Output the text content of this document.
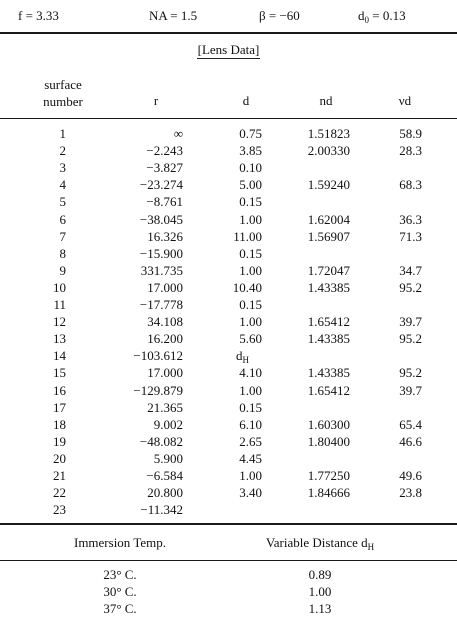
f = 3.33	NA = 1.5	β = −60	$d_0 = 0.13$
[Lens Data]
surface
number	r	d	nd	νd
1	∞	0.75	1.51823	58.9
2	−2.243	3.85	2.00330	28.3
3	−3.827	0.10
4	−23.274	5.00	1.59240	68.3
5	−8.761	0.15
6	−38.045	1.00	1.62004	36.3
7	16.326	11.00	1.56907	71.3
8	−15.900	0.15
9	331.735	1.00	1.72047	34.7
10	17.000	10.40	1.43385	95.2
11	−17.778	0.15
12	34.108	1.00	1.65412	39.7
13	16.200	5.60	1.43385	95.2
14	−103.612	$d_H$
15	17.000	4.10	1.43385	95.2
16	−129.879	1.00	1.65412	39.7
17	21.365	0.15
18	9.002	6.10	1.60300	65.4
19	−48.082	2.65	1.80400	46.6
20	5.900	4.45
21	−6.584	1.00	1.77250	49.6
22	20.800	3.40	1.84666	23.8
23	−11.342
Immersion Temp.	Variable Distance $d_H$
23° C.	0.89
30° C.	1.00
37° C.	1.13
